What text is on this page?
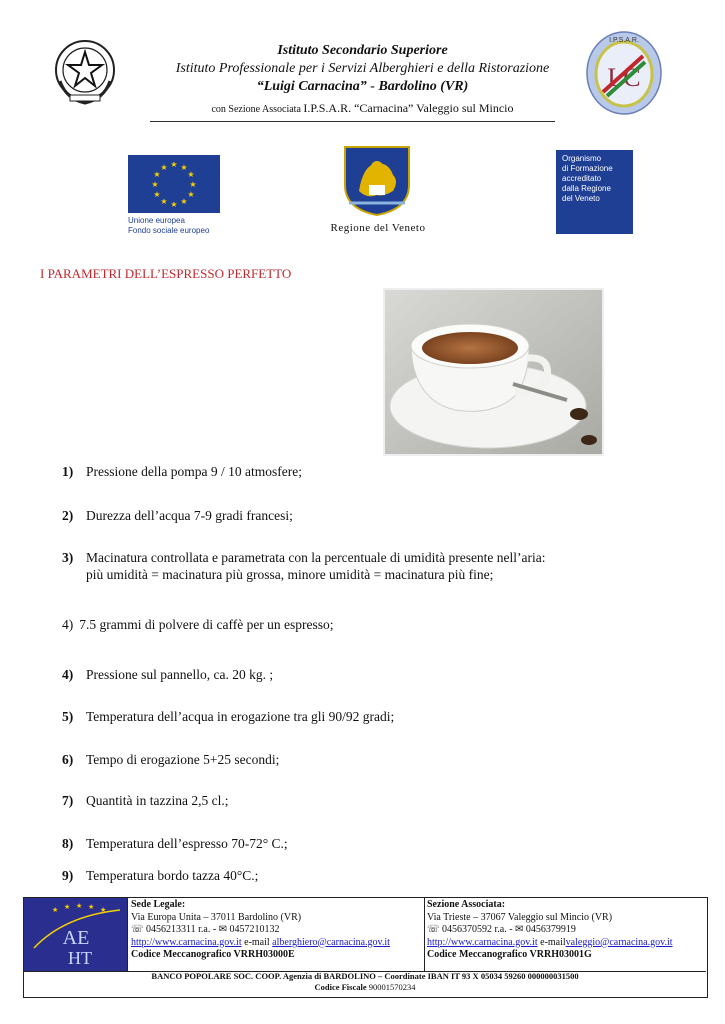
Istituto Secondario Superiore
Istituto Professionale per i Servizi Alberghieri e della Ristorazione
“Luigi Carnacina” - Bardolino (VR)
con Sezione Associata I.P.S.A.R. “Carnacina” Valeggio sul Mincio
I.P.S.A.R.
LC
★ ★
★
★
★
★
★
★
★
★
★
★
Unione europea
Fondo sociale europeo	Regione del Veneto
Organismo
di Formazione
accreditato
dalla Regione
del Veneto
I PARAMETRI DELL’ESPRESSO PERFETTO
1) Pressione della pompa 9 / 10 atmosfere;
2) Durezza dell’acqua 7-9 gradi francesi;
3) Macinatura controllata e parametrata con la percentuale di umidità presente nell’aria:
più umidità = macinatura più grossa, minore umidità = macinatura più fine;
4) 7.5 grammi di polvere di caffè per un espresso;
4) Pressione sul pannello, ca. 20 kg. ;
5) Temperatura dell’acqua in erogazione tra gli 90/92 gradi;
6) Tempo di erogazione 5+25 secondi;
7) Quantità in tazzina 2,5 cl.;
8) Temperatura dell’espresso 70-72° C.;
9) Temperatura bordo tazza 40°C.;
★ ★ ★ ★ ★
AE
HT
Sede Legale:
Via Europa Unita – 37011 Bardolino (VR)
☏ 0456213311 r.a. - ✉ 0457210132
http://www.carnacina.gov.it e-mail alberghiero@carnacina.gov.it
Codice Meccanografico VRRH03000E
Sezione Associata:
Via Trieste – 37067 Valeggio sul Mincio (VR)
☏ 0456370592 r.a. - ✉ 0456379919
http://www.carnacina.gov.it e-mailvaleggio@carnacina.gov.it
Codice Meccanografico VRRH03001G
BANCO POPOLARE SOC. COOP. Agenzia di BARDOLINO – Coordinate IBAN IT 93 X 05034 59260 000000031500
Codice Fiscale 90001570234
